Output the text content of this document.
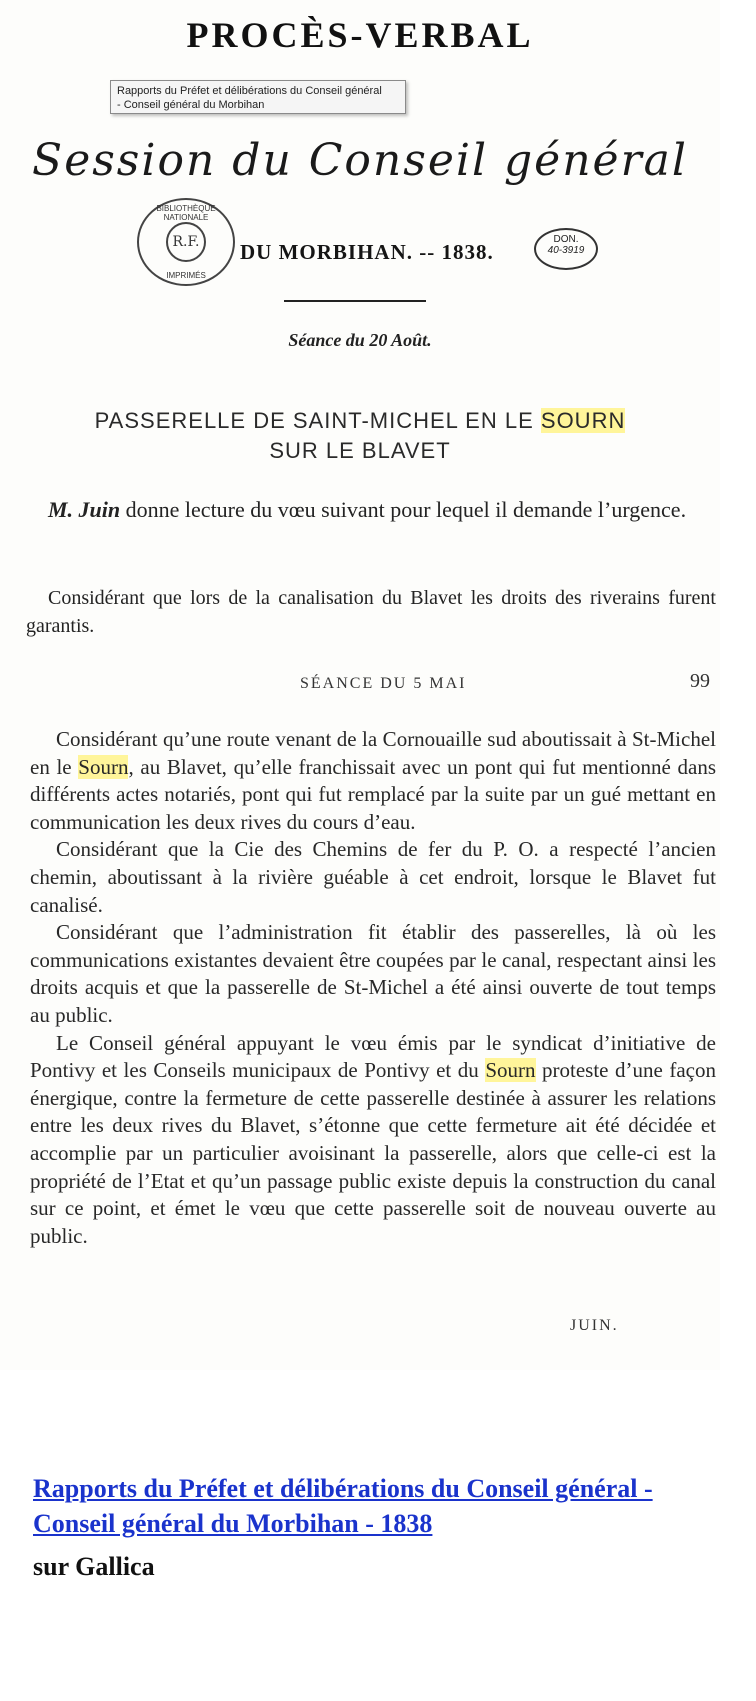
PROCÈS-VERBAL
Session du Conseil général
BIBLIOTHÈQUE NATIONALE
R.F.
IMPRIMÉS
DU MORBIHAN. -- 1838.
DON.
40-3919
Séance du 20 Août.
PASSERELLE DE SAINT-MICHEL EN LE SOURN
SUR LE BLAVET
M. Juin donne lecture du vœu suivant pour lequel il demande l’urgence.
Considérant que lors de la canalisation du Blavet les droits des riverains furent garantis.
SÉANCE DU 5 MAI	99

Considérant qu’une route venant de la Cornouaille sud aboutissait à St-Michel en le Sourn, au Blavet, qu’elle franchissait avec un pont qui fut mentionné dans différents actes notariés, pont qui fut remplacé par la suite par un gué mettant en communication les deux rives du cours d’eau.

Considérant que la Cie des Chemins de fer du P. O. a respecté l’ancien chemin, aboutissant à la rivière guéable à cet endroit, lorsque le Blavet fut canalisé.

Considérant que l’administration fit établir des passerelles, là où les communications existantes devaient être coupées par le canal, respectant ainsi les droits acquis et que la passerelle de St-Michel a été ainsi ouverte de tout temps au public.

Le Conseil général appuyant le vœu émis par le syndicat d’initiative de Pontivy et les Conseils municipaux de Pontivy et du Sourn proteste d’une façon énergique, contre la fermeture de cette passerelle destinée à assurer les relations entre les deux rives du Blavet, s’étonne que cette fermeture ait été décidée et accomplie par un particulier avoisinant la passerelle, alors que celle-ci est la propriété de l’Etat et qu’un passage public existe depuis la construction du canal sur ce point, et émet le vœu que cette passerelle soit de nouveau ouverte au public.

JUIN.
Rapports du Préfet et délibérations du Conseil général
- Conseil général du Morbihan
Rapports du Préfet et délibérations du Conseil général - Conseil général du Morbihan - 1838
sur Gallica
